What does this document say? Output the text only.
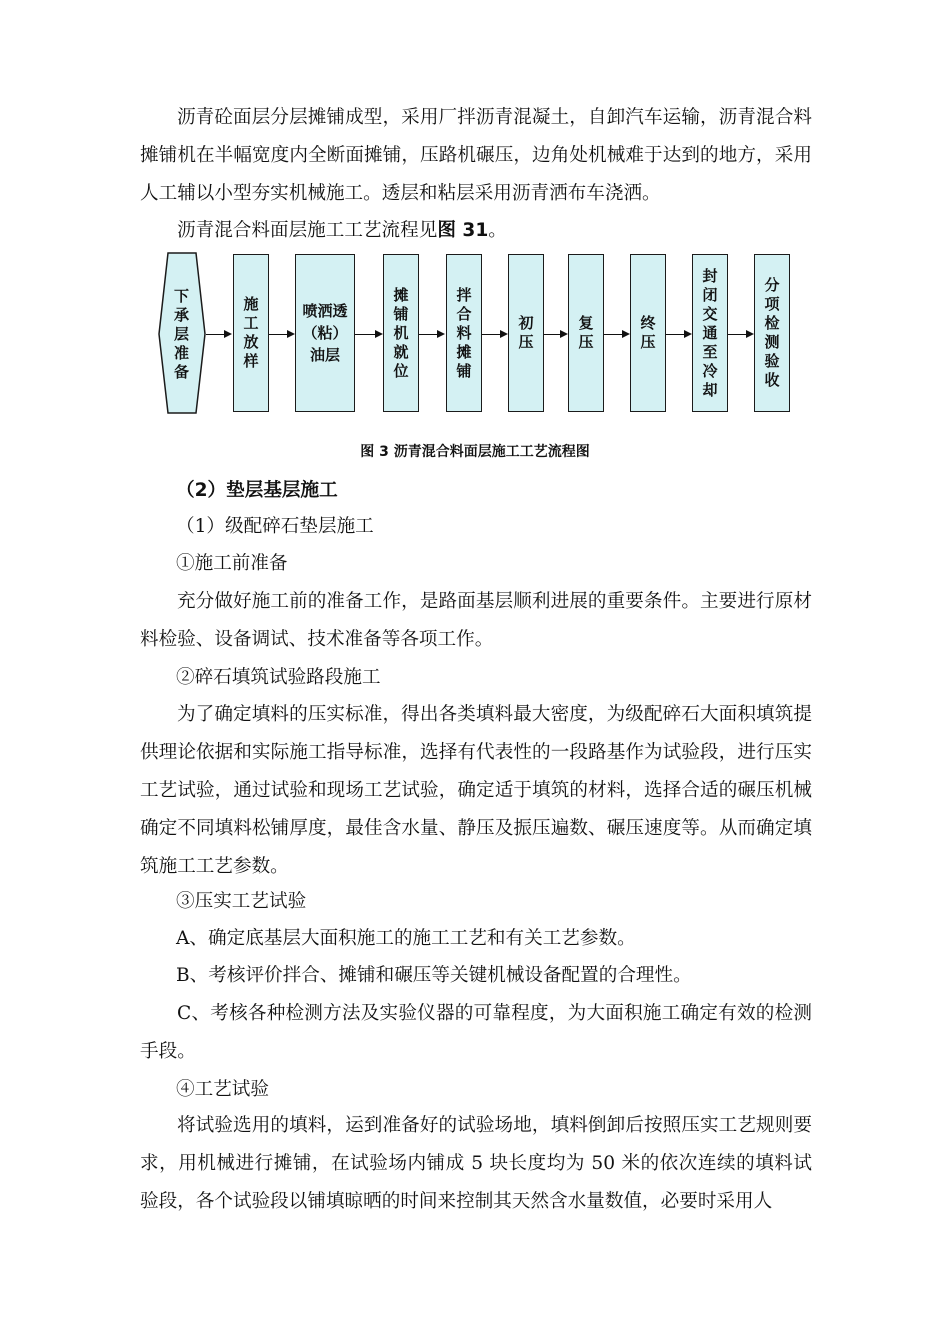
沥青砼面层分层摊铺成型，采用厂拌沥青混凝土，自卸汽车运输，沥青混合料摊铺机在半幅宽度内全断面摊铺，压路机碾压，边角处机械难于达到的地方，采用人工辅以小型夯实机械施工。透层和粘层采用沥青洒布车浇洒。

沥青混合料面层施工工艺流程见图 31。

下承层准备
施工放样
喷洒透（粘）油层
摊铺机就位
拌合料摊铺
初压
复压
终压
封闭交通至冷却
分项检测验收
图 3 沥青混合料面层施工工艺流程图

（2）垫层基层施工

（1）级配碎石垫层施工

①施工前准备

充分做好施工前的准备工作，是路面基层顺利进展的重要条件。主要进行原材料检验、设备调试、技术准备等各项工作。

②碎石填筑试验路段施工

为了确定填料的压实标准，得出各类填料最大密度，为级配碎石大面积填筑提供理论依据和实际施工指导标准，选择有代表性的一段路基作为试验段，进行压实工艺试验，通过试验和现场工艺试验，确定适于填筑的材料，选择合适的碾压机械确定不同填料松铺厚度，最佳含水量、静压及振压遍数、碾压速度等。从而确定填筑施工工艺参数。

③压实工艺试验

A、确定底基层大面积施工的施工工艺和有关工艺参数。

B、考核评价拌合、摊铺和碾压等关键机械设备配置的合理性。

C、考核各种检测方法及实验仪器的可靠程度，为大面积施工确定有效的检测手段。

④工艺试验

将试验选用的填料，运到准备好的试验场地，填料倒卸后按照压实工艺规则要求，用机械进行摊铺，在试验场内铺成 5 块长度均为 50 米的依次连续的填料试验段，各个试验段以铺填晾晒的时间来控制其天然含水量数值，必要时采用人
